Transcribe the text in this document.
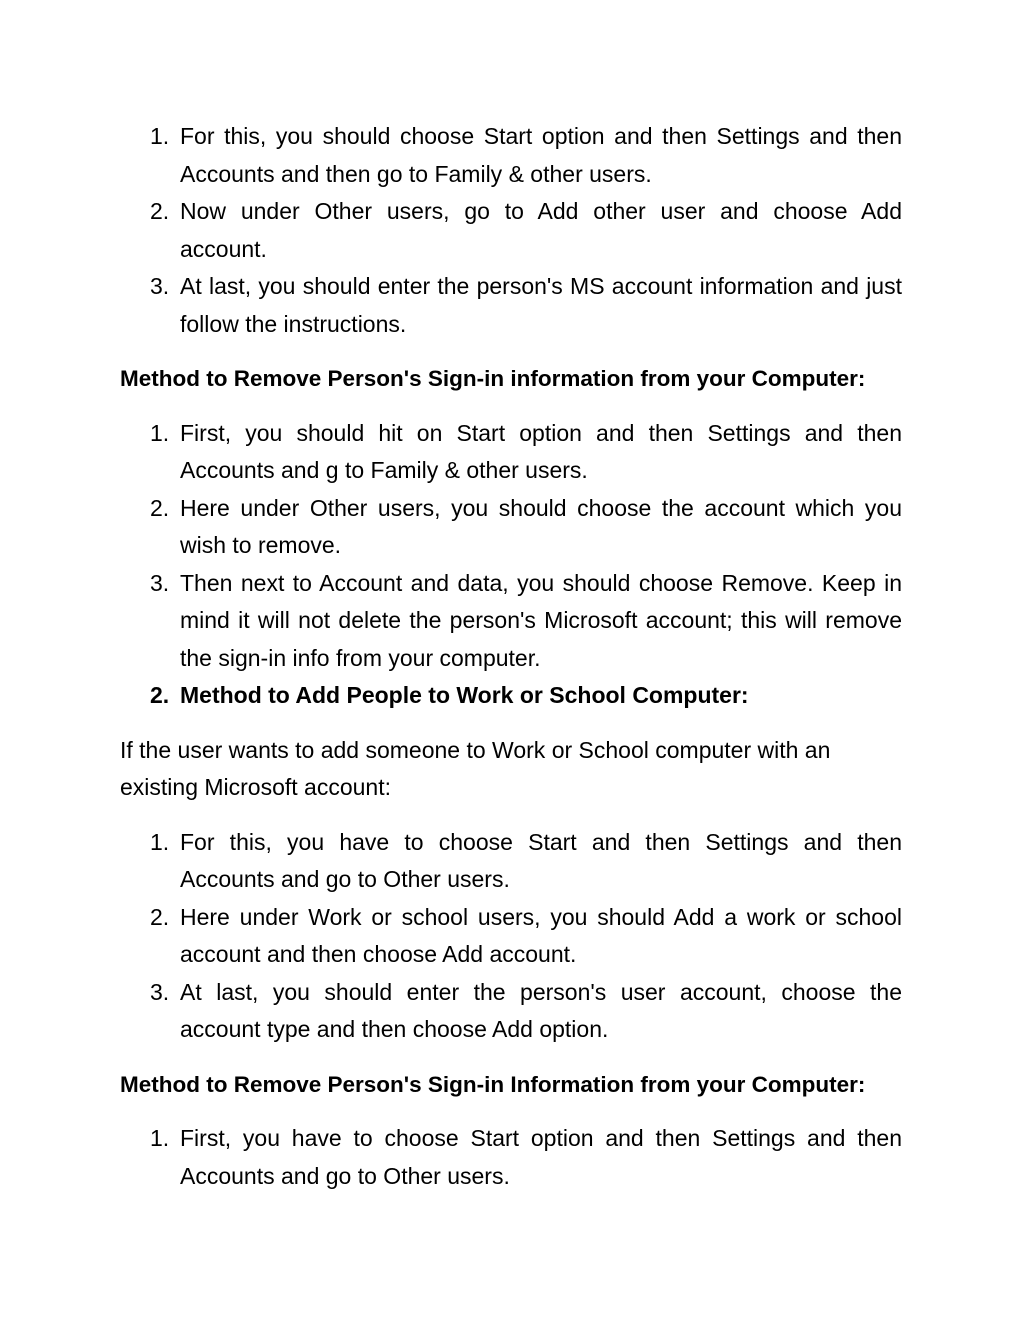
1. For this, you should choose Start option and then Settings and then Accounts and then go to Family & other users.
2. Now under Other users, go to Add other user and choose Add account.
3. At last, you should enter the person's MS account information and just follow the instructions.
Method to Remove Person's Sign-in information from your Computer:
1. First, you should hit on Start option and then Settings and then Accounts and g to Family & other users.
2. Here under Other users, you should choose the account which you wish to remove.
3. Then next to Account and data, you should choose Remove. Keep in mind it will not delete the person's Microsoft account; this will remove the sign-in info from your computer.
2. Method to Add People to Work or School Computer:

If the user wants to add someone to Work or School computer with an existing Microsoft account:

1. For this, you have to choose Start and then Settings and then Accounts and go to Other users.
2. Here under Work or school users, you should Add a work or school account and then choose Add account.
3. At last, you should enter the person's user account, choose the account type and then choose Add option.
Method to Remove Person's Sign-in Information from your Computer:
1. First, you have to choose Start option and then Settings and then Accounts and go to Other users.
